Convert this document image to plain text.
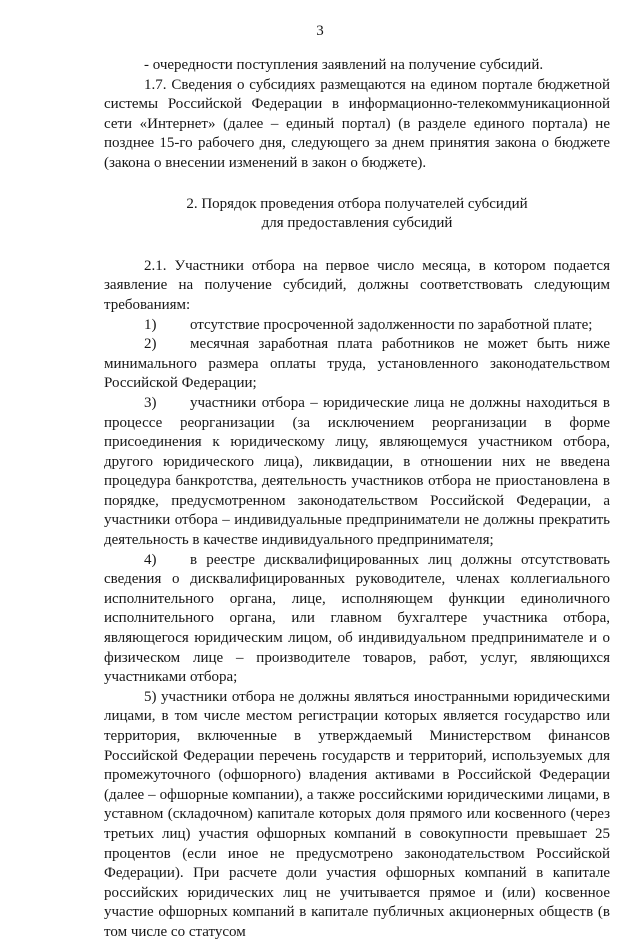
3

- очередности поступления заявлений на получение субсидий.

1.7. Сведения о субсидиях размещаются на едином портале бюджетной системы Российской Федерации в информационно-телекоммуникационной сети «Интернет» (далее – единый портал) (в разделе единого портала) не позднее 15-го рабочего дня, следующего за днем принятия закона о бюджете (закона о внесении изменений в закон о бюджете).

2. Порядок проведения отбора получателей субсидий
для предоставления субсидий

2.1. Участники отбора на первое число месяца, в котором подается заявление на получение субсидий, должны соответствовать следующим требованиям:

1) отсутствие просроченной задолженности по заработной плате;

2) месячная заработная плата работников не может быть ниже минимального размера оплаты труда, установленного законодательством Российской Федерации;

3) участники отбора – юридические лица не должны находиться в процессе реорганизации (за исключением реорганизации в форме присоединения к юридическому лицу, являющемуся участником отбора, другого юридического лица), ликвидации, в отношении них не введена процедура банкротства, деятельность участников отбора не приостановлена в порядке, предусмотренном законодательством Российской Федерации, а участники отбора – индивидуальные предприниматели не должны прекратить деятельность в качестве индивидуального предпринимателя;

4) в реестре дисквалифицированных лиц должны отсутствовать сведения о дисквалифицированных руководителе, членах коллегиального исполнительного органа, лице, исполняющем функции единоличного исполнительного органа, или главном бухгалтере участника отбора, являющегося юридическим лицом, об индивидуальном предпринимателе и о физическом лице – производителе товаров, работ, услуг, являющихся участниками отбора;

5) участники отбора не должны являться иностранными юридическими лицами, в том числе местом регистрации которых является государство или территория, включенные в утверждаемый Министерством финансов Российской Федерации перечень государств и территорий, используемых для промежуточного (офшорного) владения активами в Российской Федерации (далее – офшорные компании), а также российскими юридическими лицами, в уставном (складочном) капитале которых доля прямого или косвенного (через третьих лиц) участия офшорных компаний в совокупности превышает 25 процентов (если иное не предусмотрено законодательством Российской Федерации). При расчете доли участия офшорных компаний в капитале российских юридических лиц не учитывается прямое и (или) косвенное участие офшорных компаний в капитале публичных акционерных обществ (в том числе со статусом
